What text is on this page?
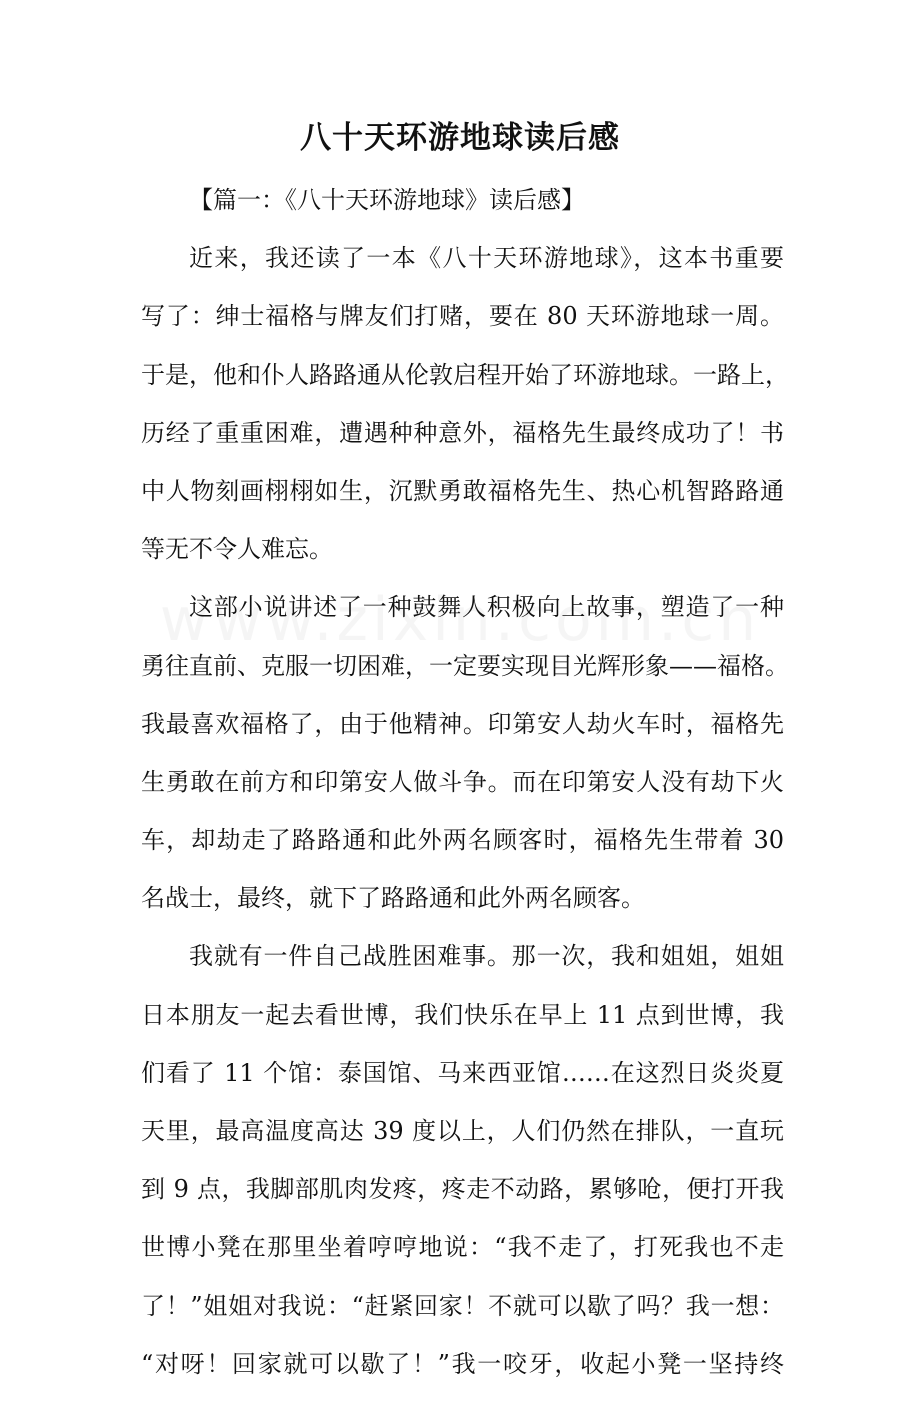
八十天环游地球读后感
【篇一：《八十天环游地球》读后感】
近来，我还读了一本《八十天环游地球》，这本书重要
写了：绅士福格与牌友们打赌，要在 80 天环游地球一周。
于是，他和仆人路路通从伦敦启程开始了环游地球。一路上，
历经了重重困难，遭遇种种意外，福格先生最终成功了！书
中人物刻画栩栩如生，沉默勇敢福格先生、热心机智路路通
等无不令人难忘。
这部小说讲述了一种鼓舞人积极向上故事，塑造了一种
勇往直前、克服一切困难，一定要实现目光辉形象——福格。
我最喜欢福格了，由于他精神。印第安人劫火车时，福格先
生勇敢在前方和印第安人做斗争。而在印第安人没有劫下火
车，却劫走了路路通和此外两名顾客时，福格先生带着 30
名战士，最终，就下了路路通和此外两名顾客。
我就有一件自己战胜困难事。那一次，我和姐姐，姐姐
日本朋友一起去看世博，我们快乐在早上 11 点到世博，我
们看了 11 个馆：泰国馆、马来西亚馆……在这烈日炎炎夏
天里，最高温度高达 39 度以上，人们仍然在排队，一直玩
到 9 点，我脚部肌肉发疼，疼走不动路，累够呛，便打开我
世博小凳在那里坐着哼哼地说：“我不走了，打死我也不走
了！”姐姐对我说：“赶紧回家！不就可以歇了吗？我一想：
“对呀！回家就可以歇了！”我一咬牙，收起小凳一坚持终
